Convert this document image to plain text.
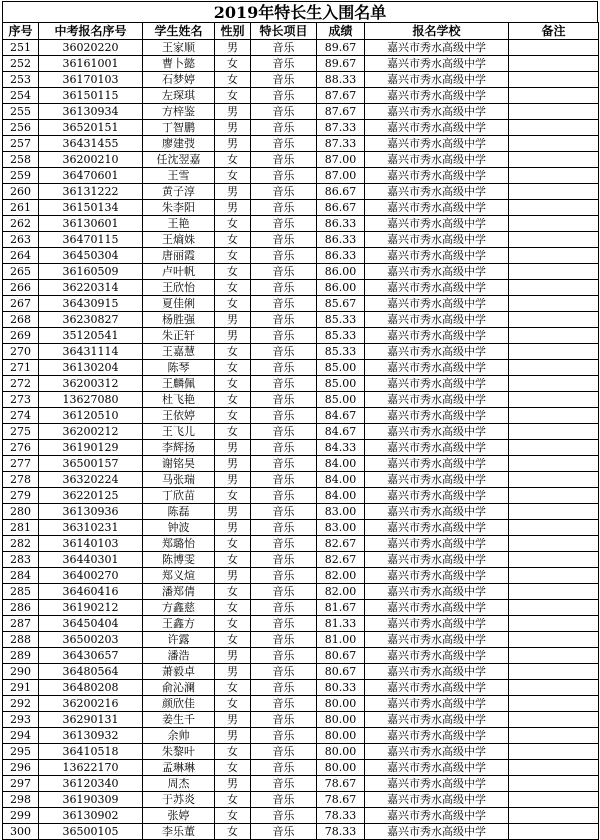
2019年特长生入围名单
序号	中考报名序号	学生姓名	性别	特长项目	成绩	报名学校	备注
251	36020220	王家顺	男	音乐	89.67	嘉兴市秀水高级中学	
252	36161001	曹卜懿	女	音乐	89.67	嘉兴市秀水高级中学	
253	36170103	石梦婷	女	音乐	88.33	嘉兴市秀水高级中学	
254	36150115	左琛琪	女	音乐	87.67	嘉兴市秀水高级中学	
255	36130934	方梓鉴	男	音乐	87.67	嘉兴市秀水高级中学	
256	36520151	丁智鹏	男	音乐	87.33	嘉兴市秀水高级中学	
257	36431455	廖建弢	男	音乐	87.33	嘉兴市秀水高级中学	
258	36200210	任沈翌嘉	女	音乐	87.00	嘉兴市秀水高级中学	
259	36470601	王雪	女	音乐	87.00	嘉兴市秀水高级中学	
260	36131222	黄子淳	男	音乐	86.67	嘉兴市秀水高级中学	
261	36150134	朱李阳	男	音乐	86.67	嘉兴市秀水高级中学	
262	36130601	王艳	女	音乐	86.33	嘉兴市秀水高级中学	
263	36470115	王熵姝	女	音乐	86.33	嘉兴市秀水高级中学	
264	36450304	唐丽霞	女	音乐	86.33	嘉兴市秀水高级中学	
265	36160509	卢叶帆	女	音乐	86.00	嘉兴市秀水高级中学	
266	36220314	王欣怡	女	音乐	86.00	嘉兴市秀水高级中学	
267	36430915	夏佳俐	女	音乐	85.67	嘉兴市秀水高级中学	
268	36230827	杨胜强	男	音乐	85.33	嘉兴市秀水高级中学	
269	35120541	朱正轩	男	音乐	85.33	嘉兴市秀水高级中学	
270	36431114	王嘉慧	女	音乐	85.33	嘉兴市秀水高级中学	
271	36130204	陈琴	女	音乐	85.00	嘉兴市秀水高级中学	
272	36200312	王麟佩	女	音乐	85.00	嘉兴市秀水高级中学	
273	13627080	杜飞艳	女	音乐	85.00	嘉兴市秀水高级中学	
274	36120510	王依婷	女	音乐	84.67	嘉兴市秀水高级中学	
275	36200212	王飞儿	女	音乐	84.67	嘉兴市秀水高级中学	
276	36190129	李辉扬	男	音乐	84.33	嘉兴市秀水高级中学	
277	36500157	谢铭昊	男	音乐	84.00	嘉兴市秀水高级中学	
278	36320224	马张瑞	男	音乐	84.00	嘉兴市秀水高级中学	
279	36220125	丁欣苗	女	音乐	84.00	嘉兴市秀水高级中学	
280	36130936	陈磊	男	音乐	83.00	嘉兴市秀水高级中学	
281	36310231	钟波	男	音乐	83.00	嘉兴市秀水高级中学	
282	36140103	郑璐怡	女	音乐	82.67	嘉兴市秀水高级中学	
283	36440301	陈博雯	女	音乐	82.67	嘉兴市秀水高级中学	
284	36400270	郑义煊	男	音乐	82.00	嘉兴市秀水高级中学	
285	36460416	潘郑倩	女	音乐	82.00	嘉兴市秀水高级中学	
286	36190212	方鑫慈	女	音乐	81.67	嘉兴市秀水高级中学	
287	36450404	王鑫方	女	音乐	81.33	嘉兴市秀水高级中学	
288	36500203	许露	女	音乐	81.00	嘉兴市秀水高级中学	
289	36430657	潘浩	男	音乐	80.67	嘉兴市秀水高级中学	
290	36480564	萧毅卓	男	音乐	80.67	嘉兴市秀水高级中学	
291	36480208	俞沁澜	女	音乐	80.33	嘉兴市秀水高级中学	
292	36200216	颜欣佳	女	音乐	80.00	嘉兴市秀水高级中学	
293	36290131	姜生千	男	音乐	80.00	嘉兴市秀水高级中学	
294	36130932	余帅	男	音乐	80.00	嘉兴市秀水高级中学	
295	36410518	朱黎叶	女	音乐	80.00	嘉兴市秀水高级中学	
296	13622170	孟琳琳	女	音乐	80.00	嘉兴市秀水高级中学	
297	36120340	周杰	男	音乐	78.67	嘉兴市秀水高级中学	
298	36190309	于苏炎	女	音乐	78.67	嘉兴市秀水高级中学	
299	36130902	张婷	女	音乐	78.33	嘉兴市秀水高级中学	
300	36500105	李乐董	女	音乐	78.33	嘉兴市秀水高级中学	
